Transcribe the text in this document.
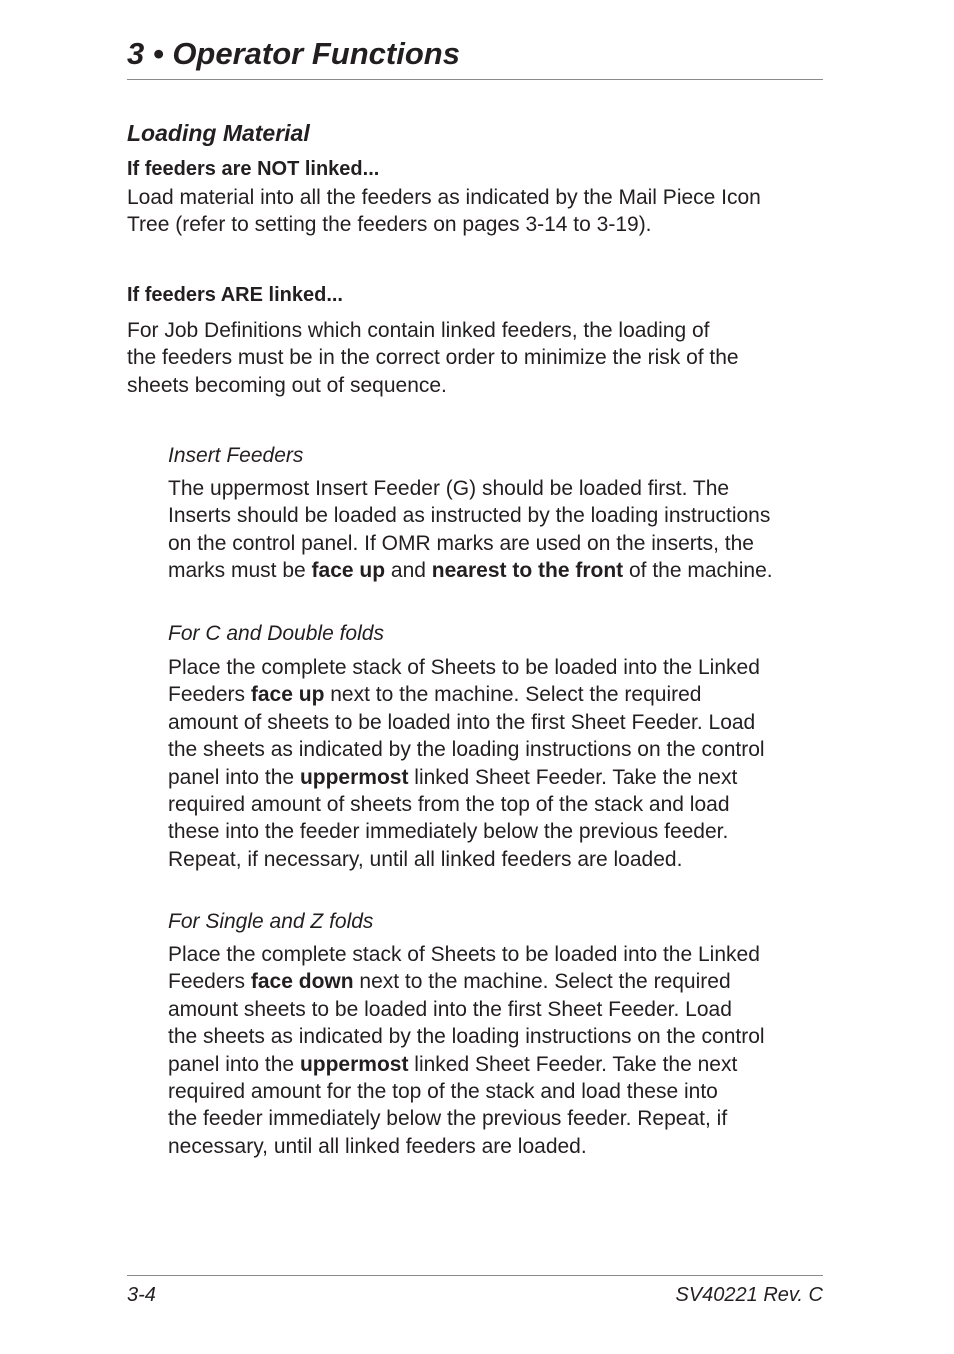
3 • Operator Functions
Loading Material
If feeders are NOT linked...

Load material into all the feeders as indicated by the Mail Piece Icon
Tree (refer to setting the feeders on pages 3-14 to 3-19).

If feeders ARE linked...

For Job Definitions which contain linked feeders, the loading of
the feeders must be in the correct order to minimize the risk of the
sheets becoming out of sequence.

Insert Feeders

The uppermost Insert Feeder (G) should be loaded first. The
Inserts should be loaded as instructed by the loading instructions
on the control panel. If OMR marks are used on the inserts, the
marks must be face up and nearest to the front of the machine.

For C and Double folds

Place the complete stack of Sheets to be loaded into the Linked
Feeders face up next to the machine. Select the required
amount of sheets to be loaded into the first Sheet Feeder. Load
the sheets as indicated by the loading instructions on the control
panel into the uppermost linked Sheet Feeder. Take the next
required amount of sheets from the top of the stack and load
these into the feeder immediately below the previous feeder.
Repeat, if necessary, until all linked feeders are loaded.

For Single and Z folds

Place the complete stack of Sheets to be loaded into the Linked
Feeders face down next to the machine. Select the required
amount sheets to be loaded into the first Sheet Feeder. Load
the sheets as indicated by the loading instructions on the control
panel into the uppermost linked Sheet Feeder. Take the next
required amount for the top of the stack and load these into
the feeder immediately below the previous feeder. Repeat, if
necessary, until all linked feeders are loaded.

3-4	SV40221 Rev. C
